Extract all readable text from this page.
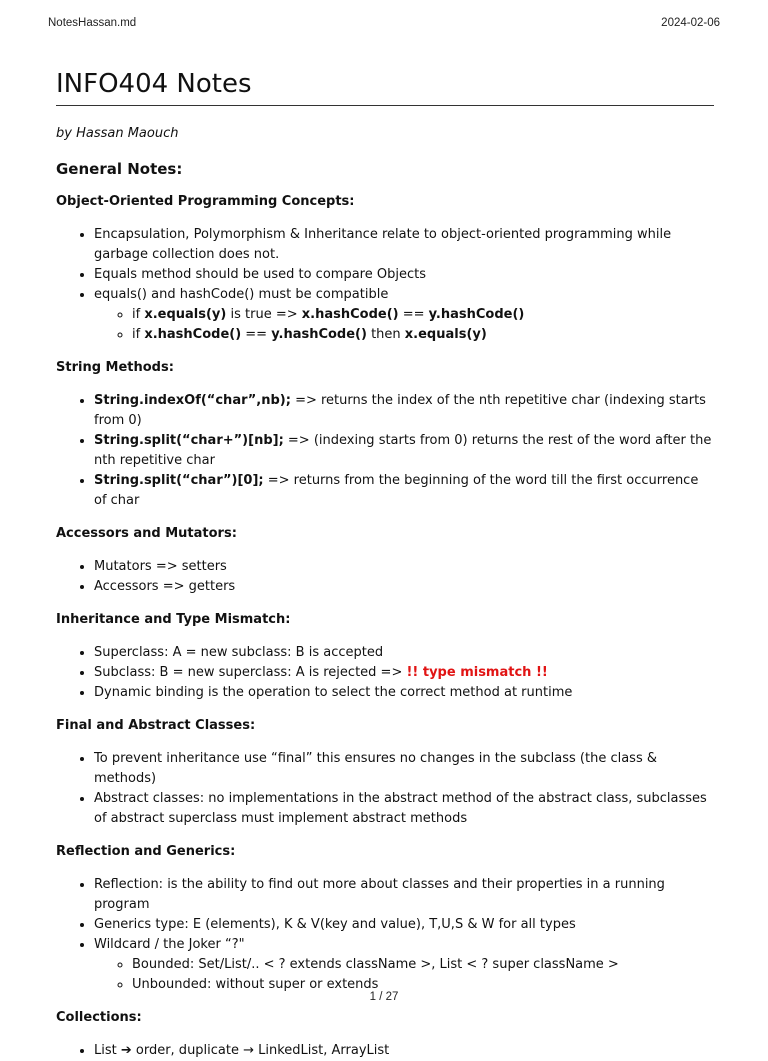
NotesHassan.md	2024-02-06
INFO404 Notes

by Hassan Maouch

General Notes:
Object-Oriented Programming Concepts:
• Encapsulation, Polymorphism & Inheritance relate to object-oriented programming while garbage collection does not.
• Equals method should be used to compare Objects
• equals() and hashCode() must be compatible
◦ if x.equals(y) is true => x.hashCode() == y.hashCode()
◦ if x.hashCode() == y.hashCode() then x.equals(y)
String Methods:
• String.indexOf(“char”,nb); => returns the index of the nth repetitive char (indexing starts from 0)
• String.split(“char+”)[nb]; => (indexing starts from 0) returns the rest of the word after the nth repetitive char
• String.split(“char”)[0]; => returns from the beginning of the word till the first occurrence of char
Accessors and Mutators:
• Mutators => setters
• Accessors => getters
Inheritance and Type Mismatch:
• Superclass: A = new subclass: B is accepted
• Subclass: B = new superclass: A is rejected => !! type mismatch !!
• Dynamic binding is the operation to select the correct method at runtime
Final and Abstract Classes:
• To prevent inheritance use “final” this ensures no changes in the subclass (the class & methods)
• Abstract classes: no implementations in the abstract method of the abstract class, subclasses of abstract superclass must implement abstract methods
Reflection and Generics:
• Reflection: is the ability to find out more about classes and their properties in a running program
• Generics type: E (elements), K & V(key and value), T,U,S & W for all types
• Wildcard / the Joker “?"
◦ Bounded: Set/List/.. < ? extends className >, List < ? super className >
◦ Unbounded: without super or extends
Collections:
• List ➔ order, duplicate → LinkedList, ArrayList
1 / 27
